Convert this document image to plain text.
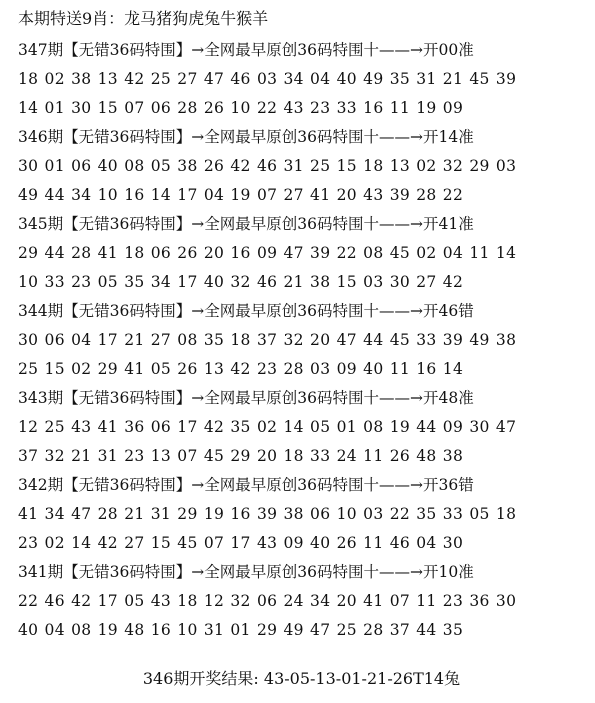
本期特送9肖：龙马猪狗虎兔牛猴羊
347期【无错36码特围】→全网最早原创36码特围十——→开00准
18 02 38 13 42 25 27 47 46 03 34 04 40 49 35 31 21 45 39
14 01 30 15 07 06 28 26 10 22 43 23 33 16 11 19 09
346期【无错36码特围】→全网最早原创36码特围十——→开14准
30 01 06 40 08 05 38 26 42 46 31 25 15 18 13 02 32 29 03
49 44 34 10 16 14 17 04 19 07 27 41 20 43 39 28 22
345期【无错36码特围】→全网最早原创36码特围十——→开41准
29 44 28 41 18 06 26 20 16 09 47 39 22 08 45 02 04 11 14
10 33 23 05 35 34 17 40 32 46 21 38 15 03 30 27 42
344期【无错36码特围】→全网最早原创36码特围十——→开46错
30 06 04 17 21 27 08 35 18 37 32 20 47 44 45 33 39 49 38
25 15 02 29 41 05 26 13 42 23 28 03 09 40 11 16 14
343期【无错36码特围】→全网最早原创36码特围十——→开48准
12 25 43 41 36 06 17 42 35 02 14 05 01 08 19 44 09 30 47
37 32 21 31 23 13 07 45 29 20 18 33 24 11 26 48 38
342期【无错36码特围】→全网最早原创36码特围十——→开36错
41 34 47 28 21 31 29 19 16 39 38 06 10 03 22 35 33 05 18
23 02 14 42 27 15 45 07 17 43 09 40 26 11 46 04 30
341期【无错36码特围】→全网最早原创36码特围十——→开10准
22 46 42 17 05 43 18 12 32 06 24 34 20 41 07 11 23 36 30
40 04 08 19 48 16 10 31 01 29 49 47 25 28 37 44 35
346期开奖结果: 43-05-13-01-21-26T14兔
